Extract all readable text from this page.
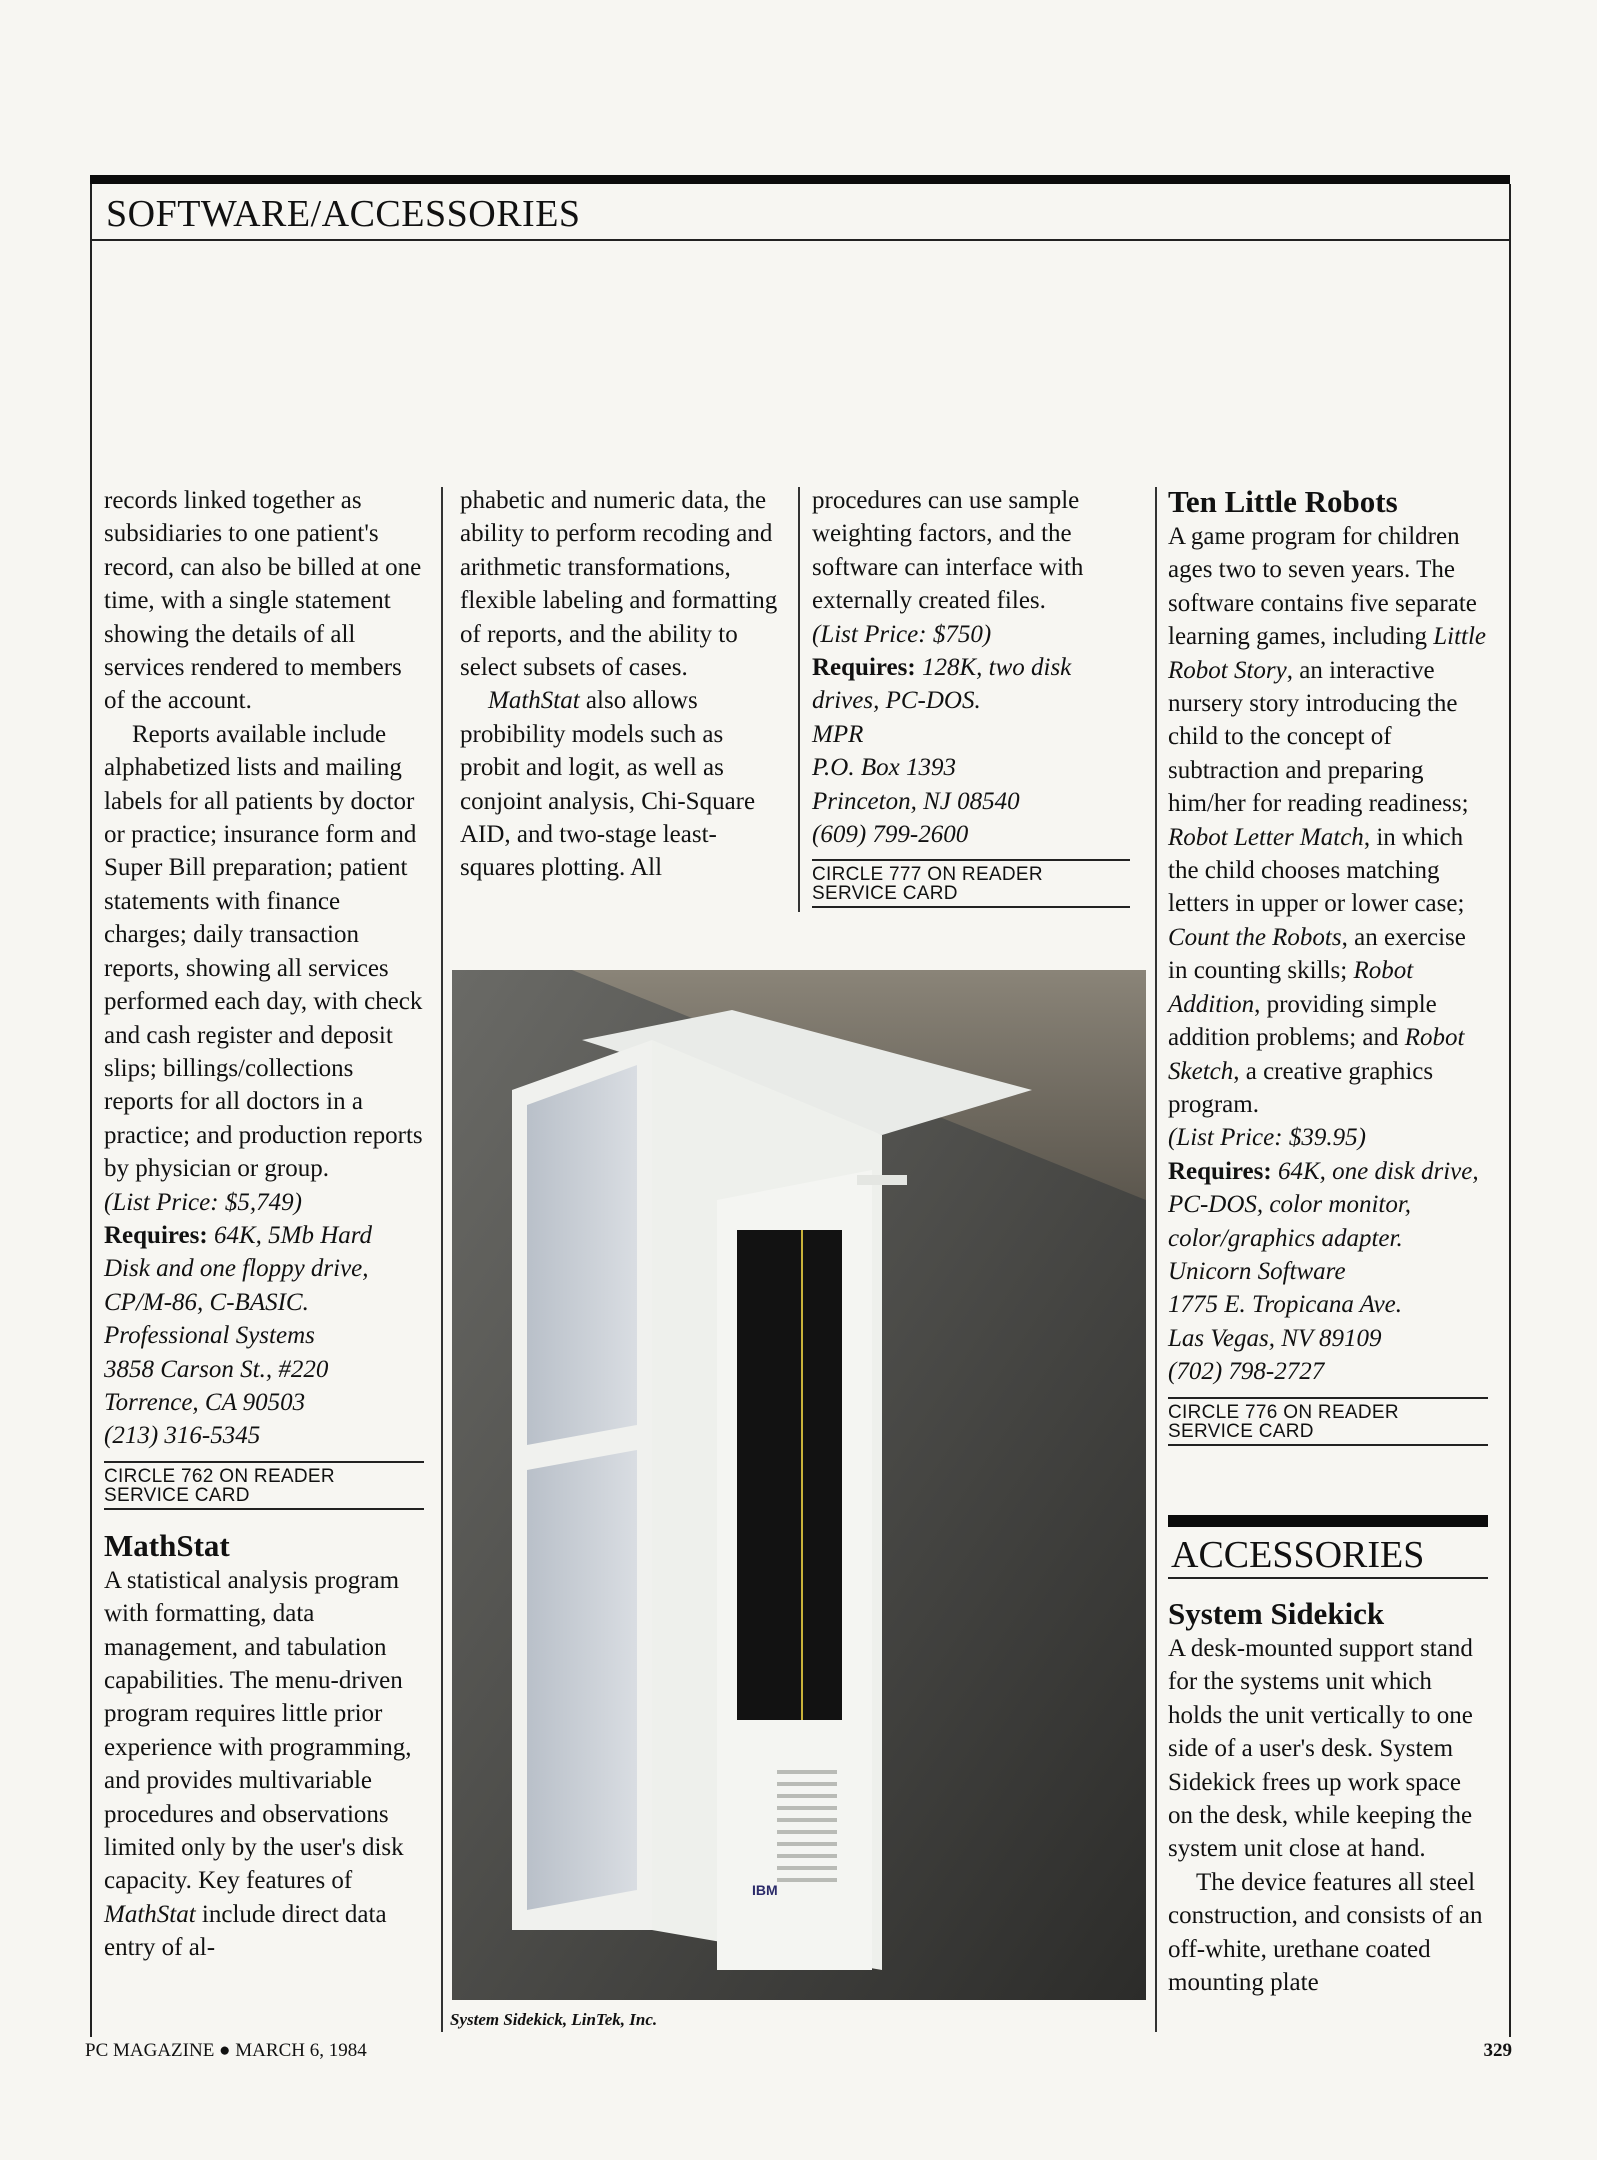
SOFTWARE/ACCESSORIES

records linked together as subsidiaries to one patient's record, can also be billed at one time, with a single statement showing the details of all services rendered to members of the account.

Reports available include alphabetized lists and mailing labels for all patients by doctor or practice; insurance form and Super Bill preparation; patient statements with finance charges; daily transaction reports, showing all services performed each day, with check and cash register and deposit slips; billings/collections reports for all doctors in a practice; and production reports by physician or group.

(List Price: $5,749)

Requires: 64K, 5Mb Hard Disk and one floppy drive, CP/M-86, C-BASIC.

Professional Systems

3858 Carson St., #220

Torrence, CA 90503

(213) 316-5345

CIRCLE 762 ON READER SERVICE CARD
MathStat

A statistical analysis program with formatting, data management, and tabulation capabilities. The menu-driven program requires little prior experience with programming, and provides multivariable procedures and observations limited only by the user's disk capacity. Key features of MathStat include direct data entry of al-

phabetic and numeric data, the ability to perform recoding and arithmetic transformations, flexible labeling and formatting of reports, and the ability to select subsets of cases.

MathStat also allows probibility models such as probit and logit, as well as conjoint analysis, Chi-Square AID, and two-stage least-squares plotting. All

procedures can use sample weighting factors, and the software can interface with externally created files.

(List Price: $750)

Requires: 128K, two disk drives, PC-DOS.

MPR

P.O. Box 1393

Princeton, NJ 08540

(609) 799-2600

CIRCLE 777 ON READER SERVICE CARD
Ten Little Robots

A game program for children ages two to seven years. The software contains five separate learning games, including Little Robot Story, an interactive nursery story introducing the child to the concept of subtraction and preparing him/her for reading readiness; Robot Letter Match, in which the child chooses matching letters in upper or lower case; Count the Robots, an exercise in counting skills; Robot Addition, providing simple addition problems; and Robot Sketch, a creative graphics program.

(List Price: $39.95)

Requires: 64K, one disk drive, PC-DOS, color monitor, color/graphics adapter.

Unicorn Software

1775 E. Tropicana Ave.

Las Vegas, NV 89109

(702) 798-2727

CIRCLE 776 ON READER SERVICE CARD
ACCESSORIES
System Sidekick

A desk-mounted support stand for the systems unit which holds the unit vertically to one side of a user's desk. System Sidekick frees up work space on the desk, while keeping the system unit close at hand.

The device features all steel construction, and consists of an off-white, urethane coated mounting plate

IBM
System Sidekick, LinTek, Inc.
PC MAGAZINE ● MARCH 6, 1984	329
